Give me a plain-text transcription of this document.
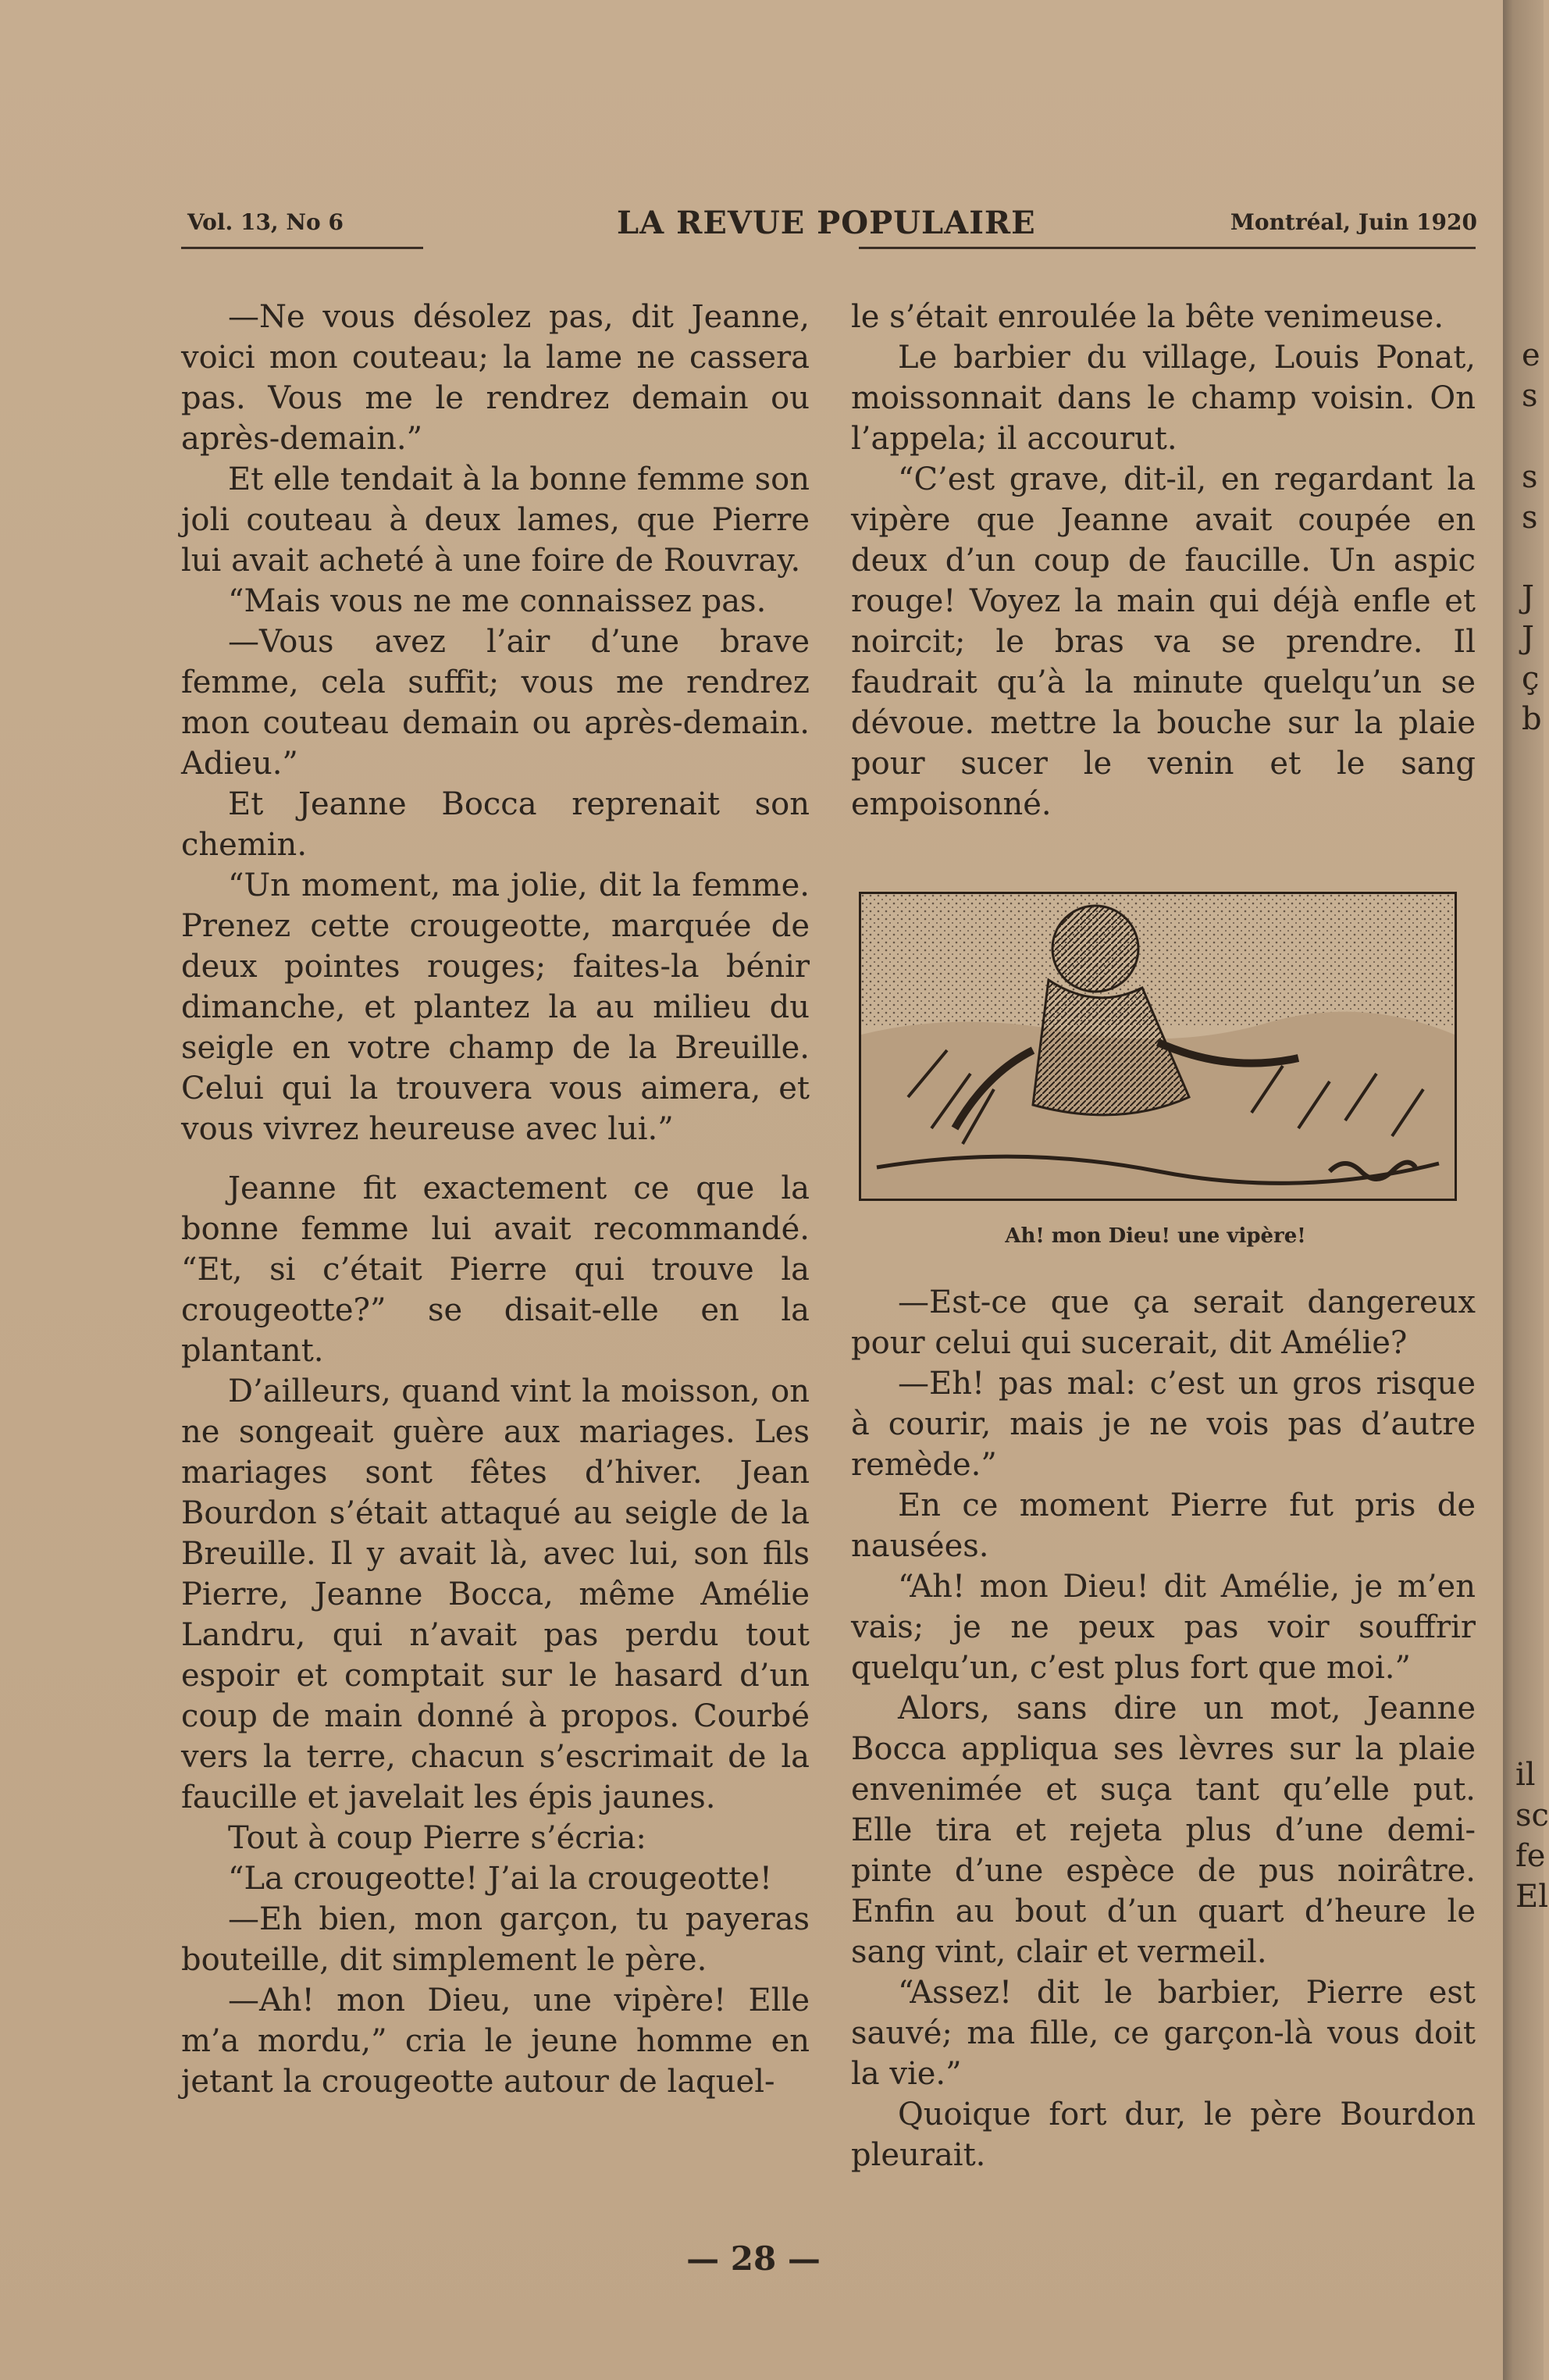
Vol. 13, No 6	LA REVUE POPULAIRE	Montréal, Juin 1920

—Ne vous désolez pas, dit Jeanne, voici mon couteau; la lame ne cassera pas. Vous me le rendrez demain ou après-demain.”

Et elle tendait à la bonne femme son joli couteau à deux lames, que Pierre lui avait acheté à une foire de Rouvray.

“Mais vous ne me connaissez pas.

—Vous avez l’air d’une brave femme, cela suffit; vous me rendrez mon couteau demain ou après-demain. Adieu.”

Et Jeanne Bocca reprenait son chemin.

“Un moment, ma jolie, dit la femme. Prenez cette crougeotte, marquée de deux pointes rouges; faites-la bénir dimanche, et plantez la au milieu du seigle en votre champ de la Breuille. Celui qui la trouvera vous aimera, et vous vivrez heureuse avec lui.”

Jeanne fit exactement ce que la bonne femme lui avait recommandé. “Et, si c’était Pierre qui trouve la crougeotte?” se disait-elle en la plantant.

D’ailleurs, quand vint la moisson, on ne songeait guère aux mariages. Les mariages sont fêtes d’hiver. Jean Bourdon s’était attaqué au seigle de la Breuille. Il y avait là, avec lui, son fils Pierre, Jeanne Bocca, même Amélie Landru, qui n’avait pas perdu tout espoir et comptait sur le hasard d’un coup de main donné à propos. Courbé vers la terre, chacun s’escrimait de la faucille et javelait les épis jaunes.

Tout à coup Pierre s’écria:

“La crougeotte! J’ai la crougeotte!

—Eh bien, mon garçon, tu payeras bouteille, dit simplement le père.

—Ah! mon Dieu, une vipère! Elle m’a mordu,” cria le jeune homme en jetant la crougeotte autour de laquel-

le s’était enroulée la bête venimeuse.

Le barbier du village, Louis Ponat, moissonnait dans le champ voisin. On l’appela; il accourut.

“C’est grave, dit-il, en regardant la vipère que Jeanne avait coupée en deux d’un coup de faucille. Un aspic rouge! Voyez la main qui déjà enfle et noircit; le bras va se prendre. Il faudrait qu’à la minute quelqu’un se dévoue. mettre la bouche sur la plaie pour sucer le venin et le sang empoisonné.

Ah! mon Dieu! une vipère!

—Est-ce que ça serait dangereux pour celui qui sucerait, dit Amélie?

—Eh! pas mal: c’est un gros risque à courir, mais je ne vois pas d’autre remède.”

En ce moment Pierre fut pris de nausées.

“Ah! mon Dieu! dit Amélie, je m’en vais; je ne peux pas voir souffrir quelqu’un, c’est plus fort que moi.”

Alors, sans dire un mot, Jeanne Bocca appliqua ses lèvres sur la plaie envenimée et suça tant qu’elle put. Elle tira et rejeta plus d’une demi-pinte d’une espèce de pus noirâtre. Enfin au bout d’un quart d’heure le sang vint, clair et vermeil.

“Assez! dit le barbier, Pierre est sauvé; ma fille, ce garçon-là vous doit la vie.”

Quoique fort dur, le père Bourdon pleurait.

— 28 —
e
s
s
s
J
J
ç
b
il
sc
fe
El
